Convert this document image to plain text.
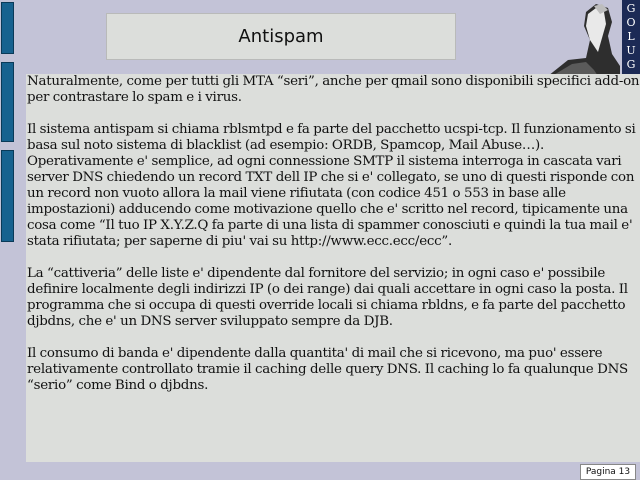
Antispam
G
O
L
U
G

Naturalmente, come per tutti gli MTA “seri”, anche per qmail sono disponibili specifici add-on per contrastare lo spam e i virus.

Il sistema antispam si chiama rblsmtpd e fa parte del pacchetto ucspi-tcp. Il funzionamento si basa sul noto sistema di blacklist (ad esempio: ORDB, Spamcop, Mail Abuse…). Operativamente e' semplice, ad ogni connessione SMTP il sistema interroga in cascata vari server DNS chiedendo un record TXT dell IP che si e' collegato, se uno di questi risponde con un record non vuoto allora la mail viene rifiutata (con codice 451 o 553 in base alle impostazioni) adducendo come motivazione quello che e' scritto nel record, tipicamente una cosa come “Il tuo IP X.Y.Z.Q fa parte di una lista di spammer conosciuti e quindi la tua mail e' stata rifiutata; per saperne di piu' vai su http://www.ecc.ecc/ecc”.

La “cattiveria” delle liste e' dipendente dal fornitore del servizio; in ogni caso e' possibile definire localmente degli indirizzi IP (o dei range) dai quali accettare in ogni caso la posta. Il programma che si occupa di questi override locali si chiama rbldns, e fa parte del pacchetto djbdns, che e' un DNS server sviluppato sempre da DJB.

Il consumo di banda e' dipendente dalla quantita' di mail che si ricevono, ma puo' essere relativamente controllato tramie il caching delle query DNS. Il caching lo fa qualunque DNS “serio” come Bind o djbdns.

Pagina 13
